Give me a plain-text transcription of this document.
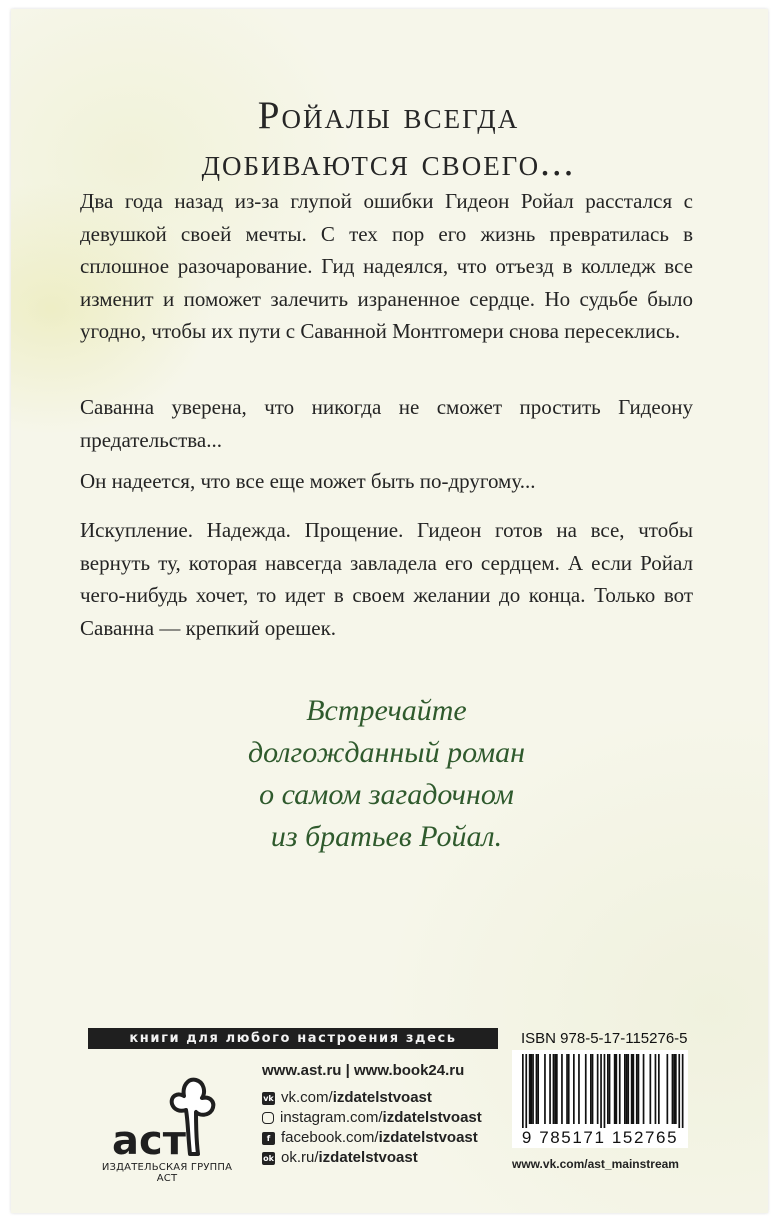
Ройалы всегда
добиваются своего...

Два года назад из-за глупой ошибки Гидеон Ройал расстался с девушкой своей мечты. С тех пор его жизнь превратилась в сплошное разочарование. Гид надеялся, что отъезд в колледж все изменит и поможет залечить израненное сердце. Но судьбе было угодно, чтобы их пути с Саванной Монтгомери снова пересеклись.

Саванна уверена, что никогда не сможет простить Гидеону предательства...

Он надеется, что все еще может быть по-другому...

Искупление. Надежда. Прощение. Гидеон готов на все, чтобы вернуть ту, которая навсегда завладела его сердцем. А если Ройал чего-нибудь хочет, то идет в своем желании до конца. Только вот Саванна — крепкий орешек.

Встречайте
долгожданный роман
о самом загадочном
из братьев Ройал.
книги для любого настроения здесь
аст
ИЗДАТЕЛЬСКАЯ ГРУППА АСТ
www.ast.ru | www.book24.ru
vk vk.com/ izdatelstvoast
instagram.com/ izdatelstvoast
f facebook.com/ izdatelstvoast
ok ok.ru/ izdatelstvoast
ISBN 978-5-17-115276-5
9 785171 152765
www.vk.com/ast_mainstream
